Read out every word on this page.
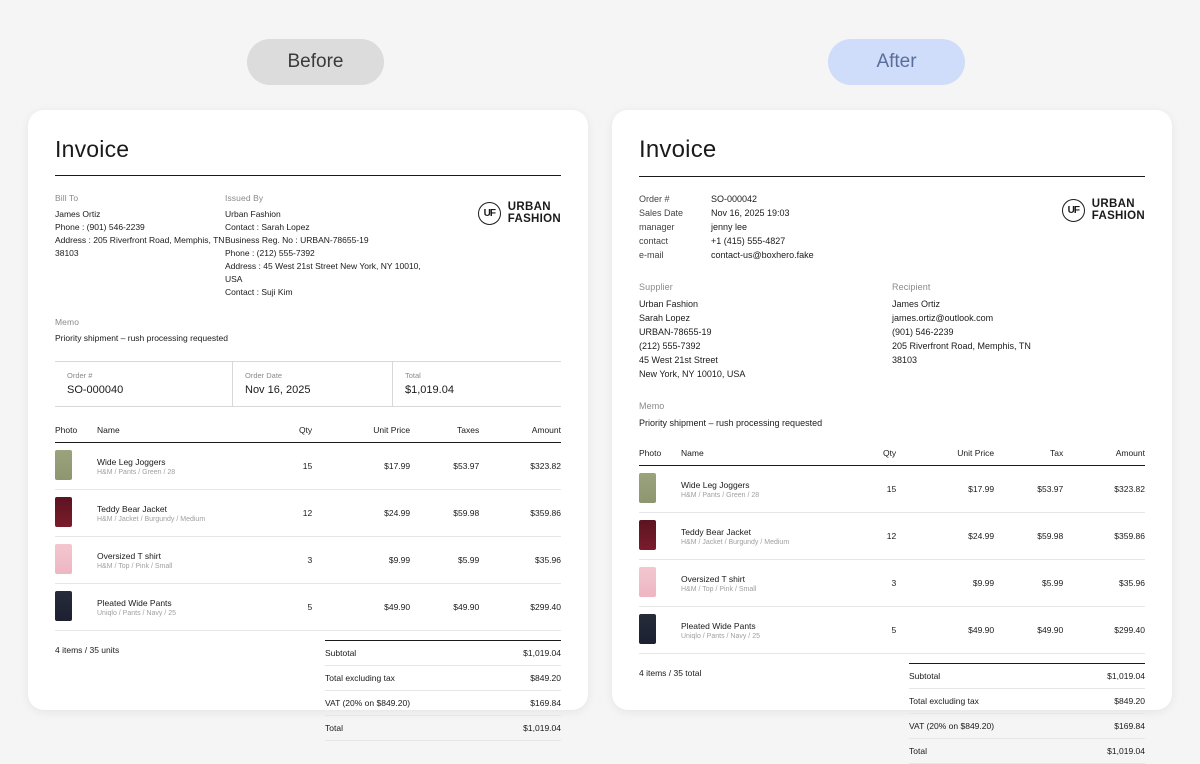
Before	After
Invoice
Bill To
James Ortiz
Phone : (901) 546-2239
Address : 205 Riverfront Road, Memphis, TN 38103
Issued By
Urban Fashion
Contact : Sarah Lopez
Business Reg. No : URBAN-78655-19
Phone : (212) 555-7392
Address : 45 West 21st Street New York, NY 10010, USA
Contact : Suji Kim
UF	URBAN
FASHION
Memo
Priority shipment – rush processing requested
Order #
SO-000040
Order Date
Nov 16, 2025
Total
$1,019.04
Photo	Name	Qty	Unit Price	Taxes	Amount

	Wide Leg Joggers
H&M / Pants / Green / 28	15	$17.99	$53.97	$323.82

	Teddy Bear Jacket
H&M / Jacket / Burgundy / Medium	12	$24.99	$59.98	$359.86

	Oversized T shirt
H&M / Top / Pink / Small	3	$9.99	$5.99	$35.96

	Pleated Wide Pants
Uniqlo / Pants / Navy / 25	5	$49.90	$49.90	$299.40
4 items / 35 units	Subtotal	$1,019.04
Total excluding tax	$849.20
VAT (20% on $849.20)	$169.84
Total	$1,019.04
Invoice
Order #	SO-000042
Sales Date	Nov 16, 2025 19:03
manager	jenny lee
contact	+1 (415) 555-4827
e-mail	contact-us@boxhero.fake
UF	URBAN
FASHION
Supplier
Urban Fashion
Sarah Lopez
URBAN-78655-19
(212) 555-7392
45 West 21st Street
New York, NY 10010, USA
Recipient
James Ortiz
james.ortiz@outlook.com
(901) 546-2239
205 Riverfront Road, Memphis, TN
38103
Memo
Priority shipment – rush processing requested
Photo	Name	Qty	Unit Price	Tax	Amount

	Wide Leg Joggers
H&M / Pants / Green / 28	15	$17.99	$53.97	$323.82

	Teddy Bear Jacket
H&M / Jacket / Burgundy / Medium	12	$24.99	$59.98	$359.86

	Oversized T shirt
H&M / Top / Pink / Small	3	$9.99	$5.99	$35.96

	Pleated Wide Pants
Uniqlo / Pants / Navy / 25	5	$49.90	$49.90	$299.40
4 items / 35 total	Subtotal	$1,019.04
Total excluding tax	$849.20
VAT (20% on $849.20)	$169.84
Total	$1,019.04
